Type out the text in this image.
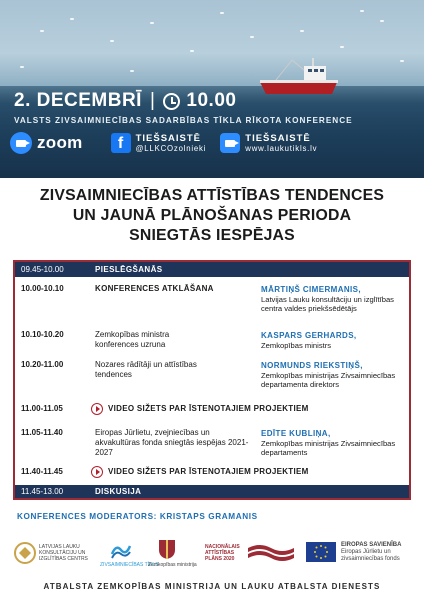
2. DECEMBRĪ | 10.00
VALSTS ZIVSAIMNIECĪBAS SADARBĪBAS TĪKLA RĪKOTA KONFERENCE
zoom	f	TIEŠSAISTĒ
@LLKCOzolnieki
TIEŠSAISTĒ
www.laukutikls.lv
ZIVSAIMNIECĪBAS ATTĪSTĪBAS TENDENCES
UN JAUNĀ PLĀNOŠANAS PERIODA
SNIEGTĀS IESPĒJAS
09.45-10.00	PIESLĒGŠANĀS
10.00-10.10	KONFERENCES ATKLĀŠANA	MĀRTIŅŠ CIMERMANIS,
Latvijas Lauku konsultāciju un izglītības centra valdes priekšsēdētājs
10.10-10.20	Zemkopības ministra konferences uzruna
KASPARS GERHARDS,
Zemkopības ministrs
10.20-11.00	Nozares rādītāji un attīstības tendences
NORMUNDS RIEKSTIŅŠ,
Zemkopības ministrijas Zivsaimniecības departamenta direktors
11.00-11.05	VIDEO SIŽETS PAR ĪSTENOTAJIEM PROJEKTIEM
11.05-11.40	Eiropas Jūrlietu, zvejniecības un akvakultūras fonda sniegtās iespējas 2021-2027
EDĪTE KUBLIŅA,
Zemkopības ministrijas Zivsaimniecības departaments
11.40-11.45	VIDEO SIŽETS PAR ĪSTENOTAJIEM PROJEKTIEM
11.45-13.00	DISKUSIJA
KONFERENCES MODERATORS: KRISTAPS GRAMANIS
LATVIJAS LAUKU
KONSULTĀCIJU UN
IZGLĪTĪBAS CENTRS
ZIVSAIMNIECĪBAS TĪKLS
Zemkopības ministrija
NACIONĀLAIS
ATTĪSTĪBAS
PLĀNS 2020
EIROPAS SAVIENĪBA
Eiropas Jūrlietu un
zivsaimniecības fonds
ATBALSTA ZEMKOPĪBAS MINISTRIJA UN LAUKU ATBALSTA DIENESTS
